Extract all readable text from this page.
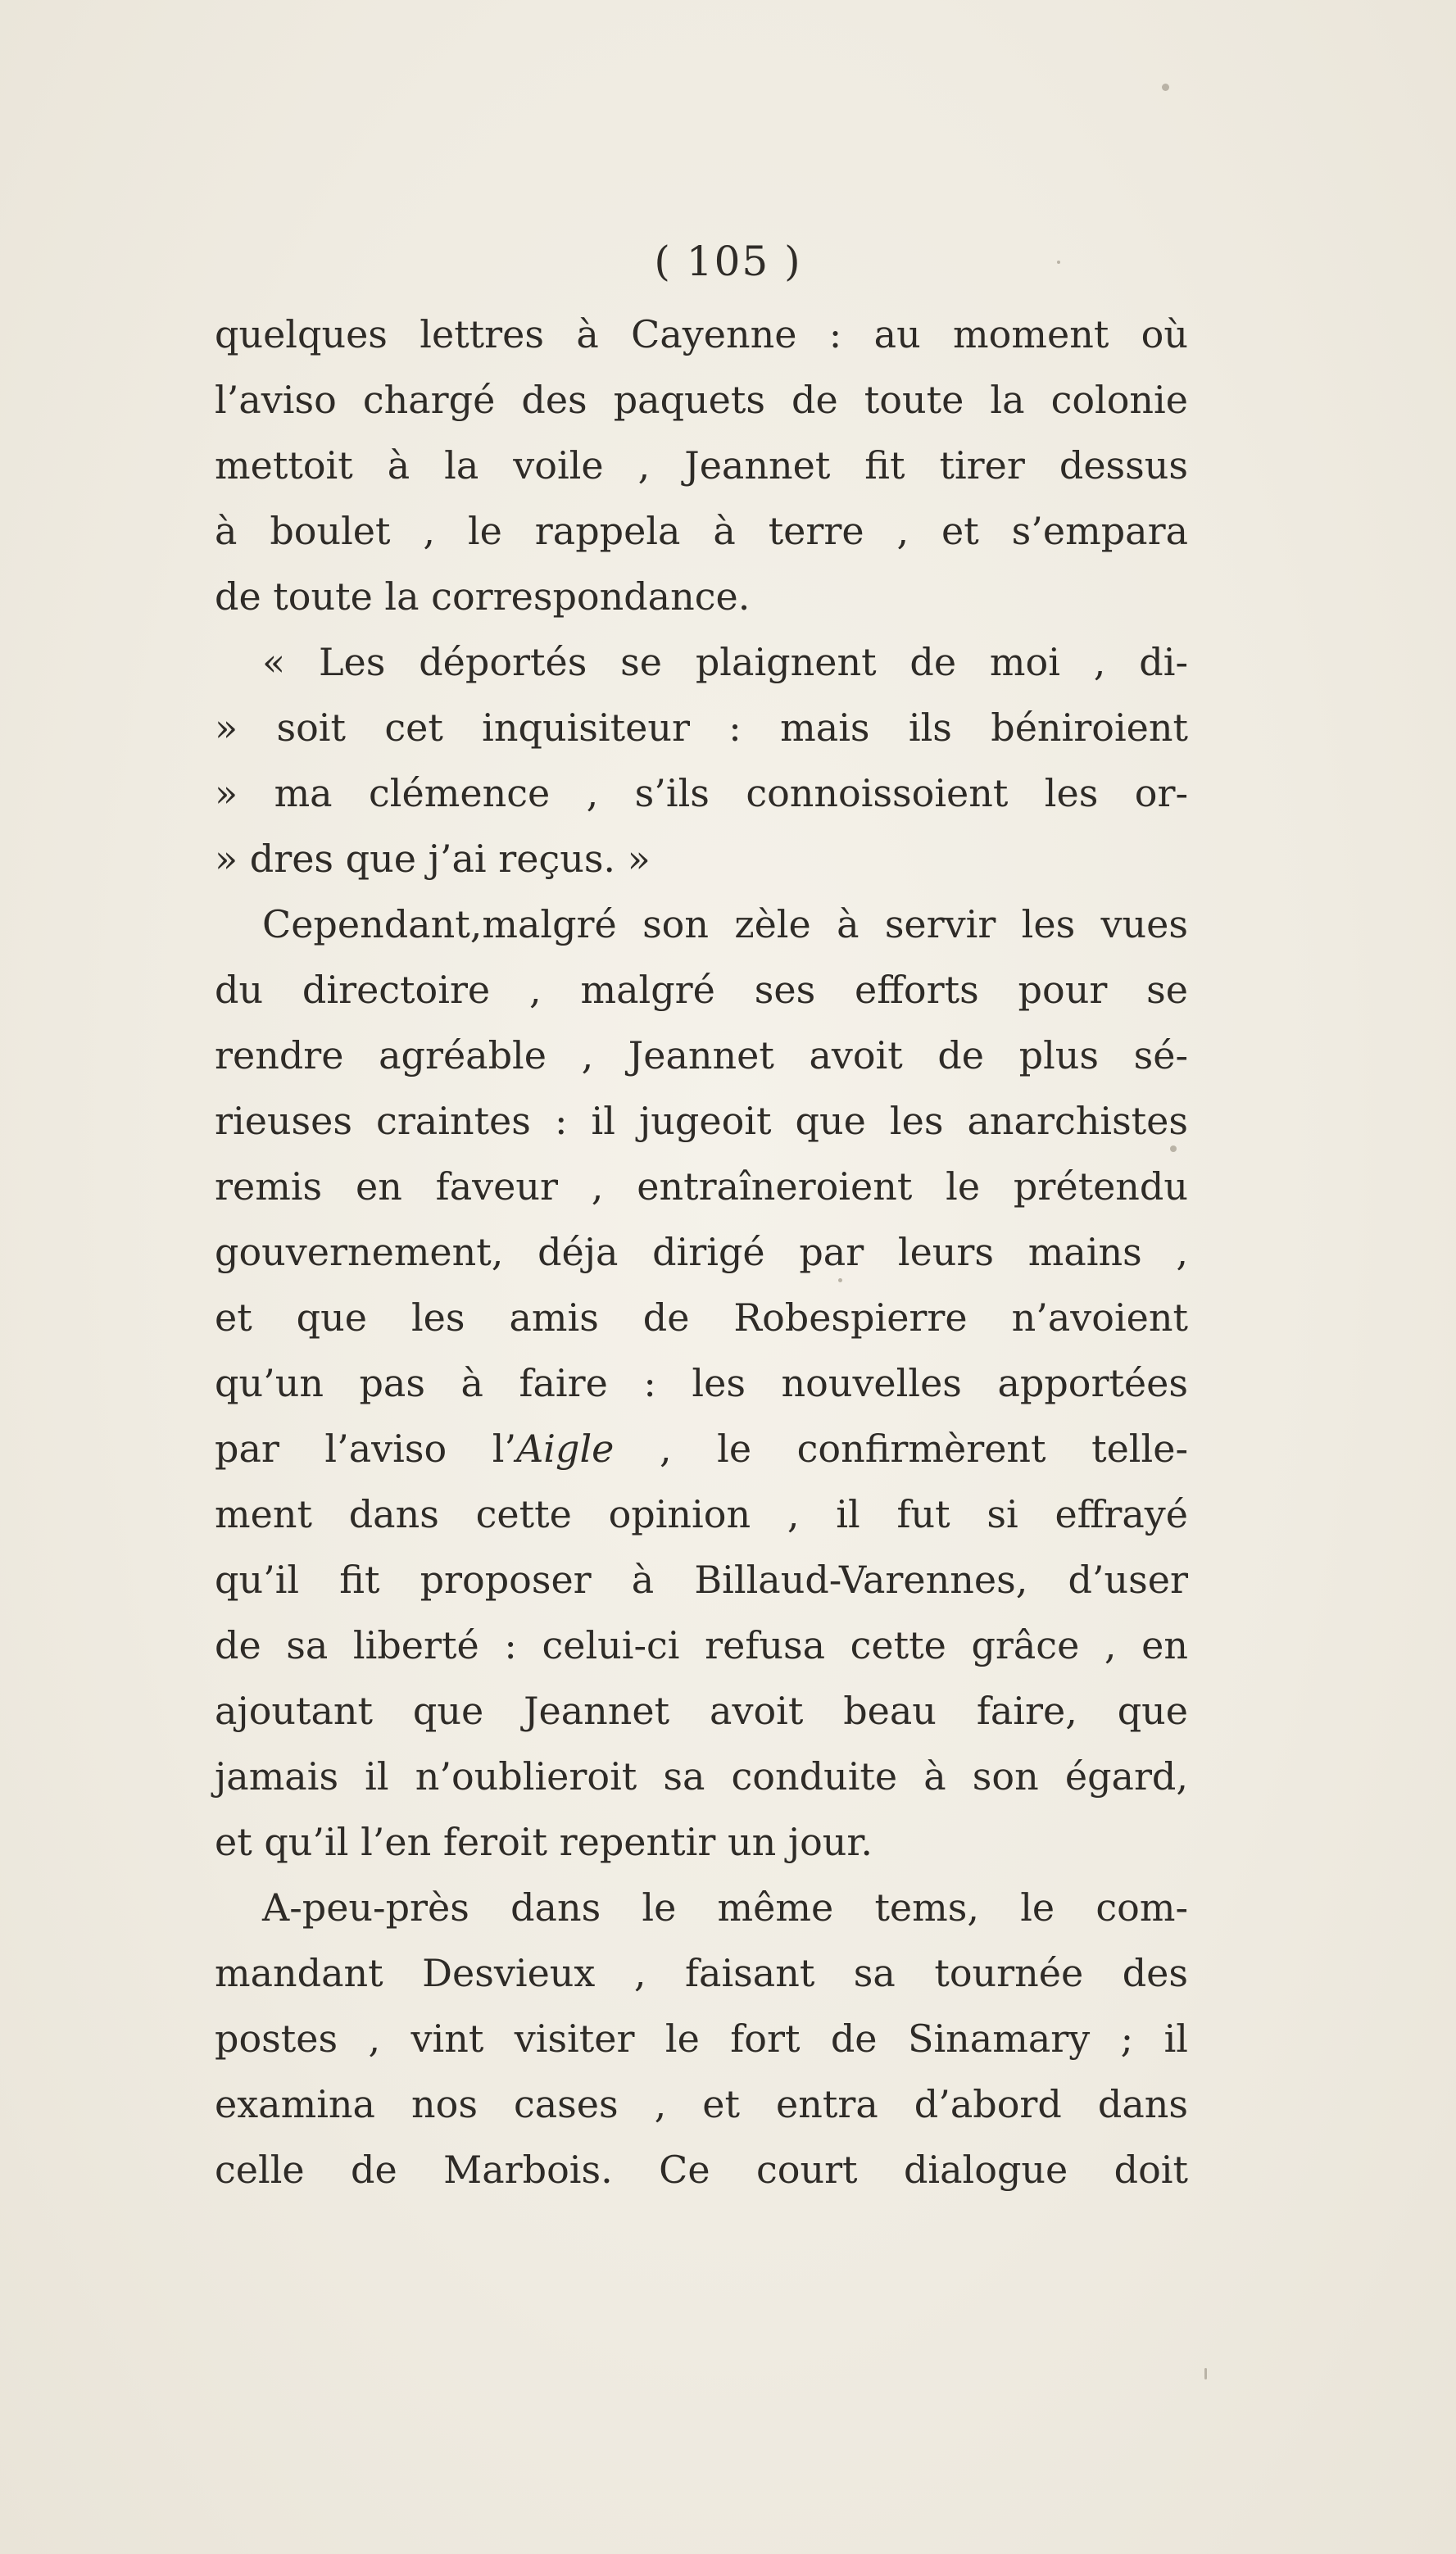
( 105 )
quelques lettres à Cayenne : au moment où
l’aviso chargé des paquets de toute la colonie
mettoit à la voile , Jeannet fit tirer dessus
à boulet , le rappela à terre , et s’empara
de toute la correspondance.
« Les déportés se plaignent de moi , di-
» soit cet inquisiteur : mais ils béniroient
» ma clémence , s’ils connoissoient les or-
» dres que j’ai reçus. »
Cependant,malgré son zèle à servir les vues
du directoire , malgré ses efforts pour se
rendre agréable , Jeannet avoit de plus sé-
rieuses craintes : il jugeoit que les anarchistes
remis en faveur , entraîneroient le prétendu
gouvernement, déja dirigé par leurs mains ,
et que les amis de Robespierre n’avoient
qu’un pas à faire : les nouvelles apportées
par l’aviso l’Aigle , le confirmèrent telle-
ment dans cette opinion , il fut si effrayé
qu’il fit proposer à Billaud-Varennes, d’user
de sa liberté : celui-ci refusa cette grâce , en
ajoutant que Jeannet avoit beau faire, que
jamais il n’oublieroit sa conduite à son égard,
et qu’il l’en feroit repentir un jour.
A-peu-près dans le même tems, le com-
mandant Desvieux , faisant sa tournée des
postes , vint visiter le fort de Sinamary ; il
examina nos cases , et entra d’abord dans
celle de Marbois. Ce court dialogue doit
